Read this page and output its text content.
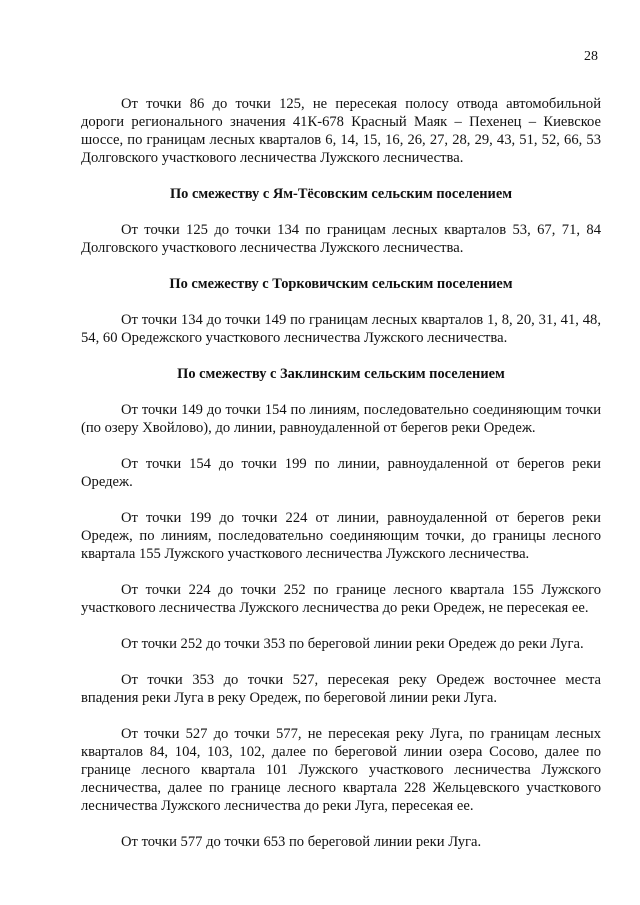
28

От точки 86 до точки 125, не пересекая полосу отвода автомобильной дороги регионального значения 41К-678 Красный Маяк – Пехенец – Киевское шоссе, по границам лесных кварталов 6, 14, 15, 16, 26, 27, 28, 29, 43, 51, 52, 66, 53 Долговского участкового лесничества Лужского лесничества.

По смежеству с Ям-Тёсовским сельским поселением

От точки 125 до точки 134 по границам лесных кварталов 53, 67, 71, 84 Долговского участкового лесничества Лужского лесничества.

По смежеству с Торковичским сельским поселением

От точки 134 до точки 149 по границам лесных кварталов 1, 8, 20, 31, 41, 48, 54, 60 Оредежского участкового лесничества Лужского лесничества.

По смежеству с Заклинским сельским поселением

От точки 149 до точки 154 по линиям, последовательно соединяющим точки (по озеру Хвойлово), до линии, равноудаленной от берегов реки Оредеж.

От точки 154 до точки 199 по линии, равноудаленной от берегов реки Оредеж.

От точки 199 до точки 224 от линии, равноудаленной от берегов реки Оредеж, по линиям, последовательно соединяющим точки, до границы лесного квартала 155 Лужского участкового лесничества Лужского лесничества.

От точки 224 до точки 252 по границе лесного квартала 155 Лужского участкового лесничества Лужского лесничества до реки Оредеж, не пересекая ее.

От точки 252 до точки 353 по береговой линии реки Оредеж до реки Луга.

От точки 353 до точки 527, пересекая реку Оредеж восточнее места впадения реки Луга в реку Оредеж, по береговой линии реки Луга.

От точки 527 до точки 577, не пересекая реку Луга, по границам лесных кварталов 84, 104, 103, 102, далее по береговой линии озера Сосово, далее по границе лесного квартала 101 Лужского участкового лесничества Лужского лесничества, далее по границе лесного квартала 228 Жельцевского участкового лесничества Лужского лесничества до реки Луга, пересекая ее.

От точки 577 до точки 653 по береговой линии реки Луга.
